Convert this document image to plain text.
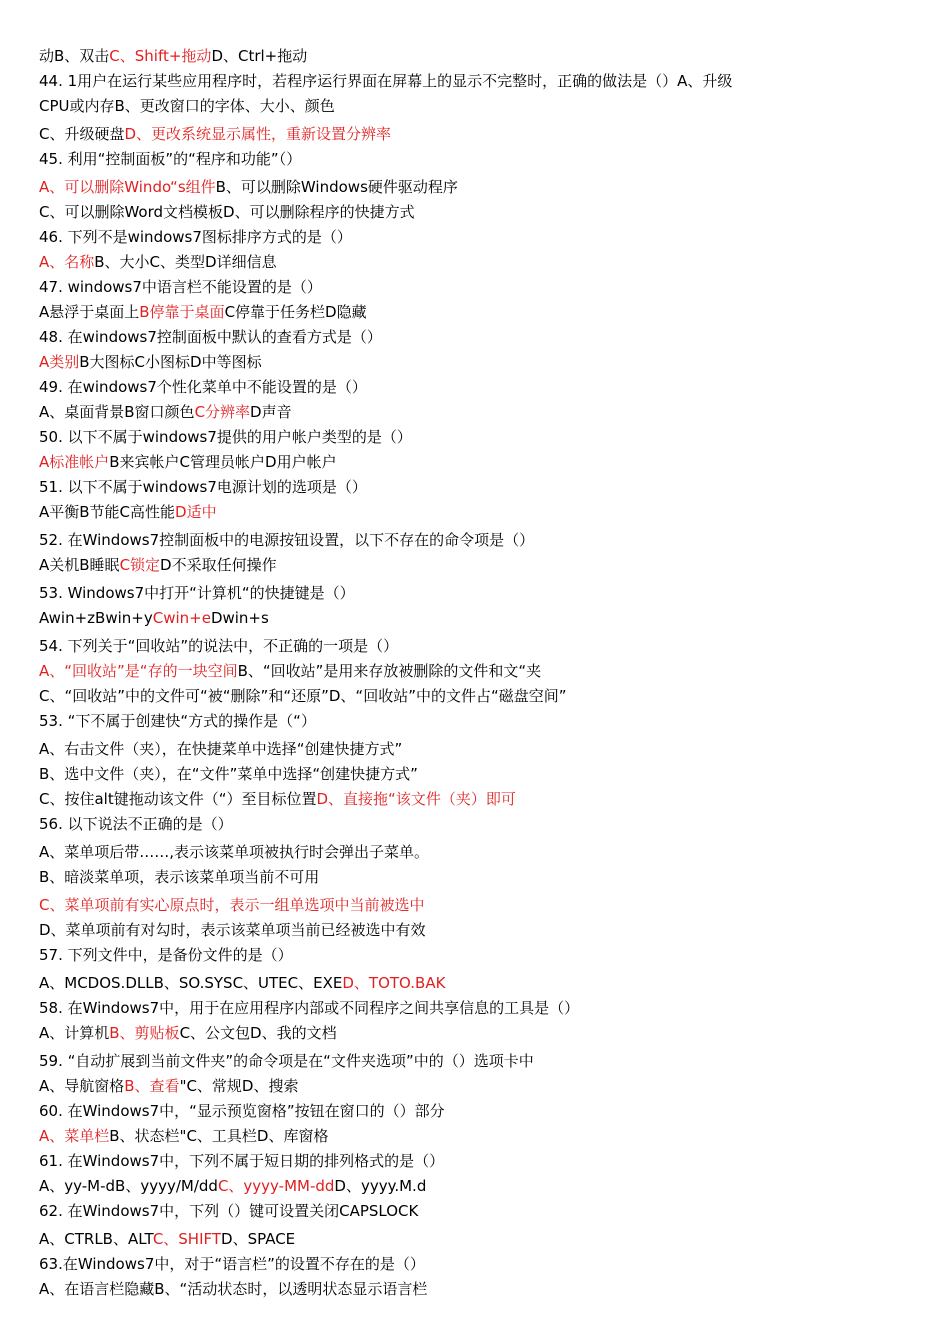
动B、双击C、Shift+拖动D、Ctrl+拖动
44. 1用户在运行某些应用程序时，若程序运行界面在屏幕上的显示不完整时，正确的做法是（）A、升级
CPU或内存B、更改窗口的字体、大小、颜色
C、升级硬盘D、更改系统显示属性，重新设置分辨率
45. 利用“控制面板”的“程序和功能”（）
A、可以删除Windo“s组件B、可以删除Windows硬件驱动程序
C、可以删除Word文档模板D、可以删除程序的快捷方式
46. 下列不是windows7图标排序方式的是（）
A、名称B、大小C、类型D详细信息
47. windows7中语言栏不能设置的是（）
A悬浮于桌面上B停靠于桌面C停靠于任务栏D隐藏
48. 在windows7控制面板中默认的查看方式是（）
A类别B大图标C小图标D中等图标
49. 在windows7个性化菜单中不能设置的是（）
A、桌面背景B窗口颜色C分辨率D声音
50. 以下不属于windows7提供的用户帐户类型的是（）
A标准帐户B来宾帐户C管理员帐户D用户帐户
51. 以下不属于windows7电源计划的选项是（）
A平衡B节能C高性能D适中
52. 在Windows7控制面板中的电源按钮设置，以下不存在的命令项是（）
A关机B睡眠C锁定D不采取任何操作
53. Windows7中打开“计算机“的快捷键是（）
Awin+zBwin+yCwin+eDwin+s
54. 下列关于“回收站”的说法中，不正确的一项是（）
A、“回收站”是“存的一块空间B、“回收站”是用来存放被删除的文件和文“夹
C、“回收站”中的文件可“被“删除”和“还原”D、“回收站”中的文件占“磁盘空间”
53. “下不属于创建快“方式的操作是（“）
A、右击文件（夹），在快捷菜单中选择“创建快捷方式”
B、选中文件（夹），在“文件”菜单中选择“创建快捷方式”
C、按住alt键拖动该文件（“）至目标位置D、直接拖“该文件（夹）即可
56. 以下说法不正确的是（）
A、菜单项后带……,表示该菜单项被执行时会弹出子菜单。
B、暗淡菜单项，表示该菜单项当前不可用
C、菜单项前有实心原点时，表示一组单选项中当前被选中
D、菜单项前有对勾时，表示该菜单项当前已经被选中有效
57. 下列文件中，是备份文件的是（）
A、MCDOS.DLLB、SO.SYSC、UTEC、EXED、TOTO.BAK
58. 在Windows7中，用于在应用程序内部或不同程序之间共享信息的工具是（）
A、计算机B、剪贴板C、公文包D、我的文档
59. “自动扩展到当前文件夹”的命令项是在“文件夹选项”中的（）选项卡中
A、导航窗格B、查看"C、常规D、搜索
60. 在Windows7中，“显示预览窗格”按钮在窗口的（）部分
A、菜单栏B、状态栏"C、工具栏D、库窗格
61. 在Windows7中，下列不属于短日期的排列格式的是（）
A、yy-M-dB、yyyy/M/ddC、yyyy-MM-ddD、yyyy.M.d
62. 在Windows7中，下列（）键可设置关闭CAPSLOCK
A、CTRLB、ALTC、SHIFTD、SPACE
63.在Windows7中，对于“语言栏”的设置不存在的是（）
A、在语言栏隐藏B、“活动状态时，以透明状态显示语言栏
